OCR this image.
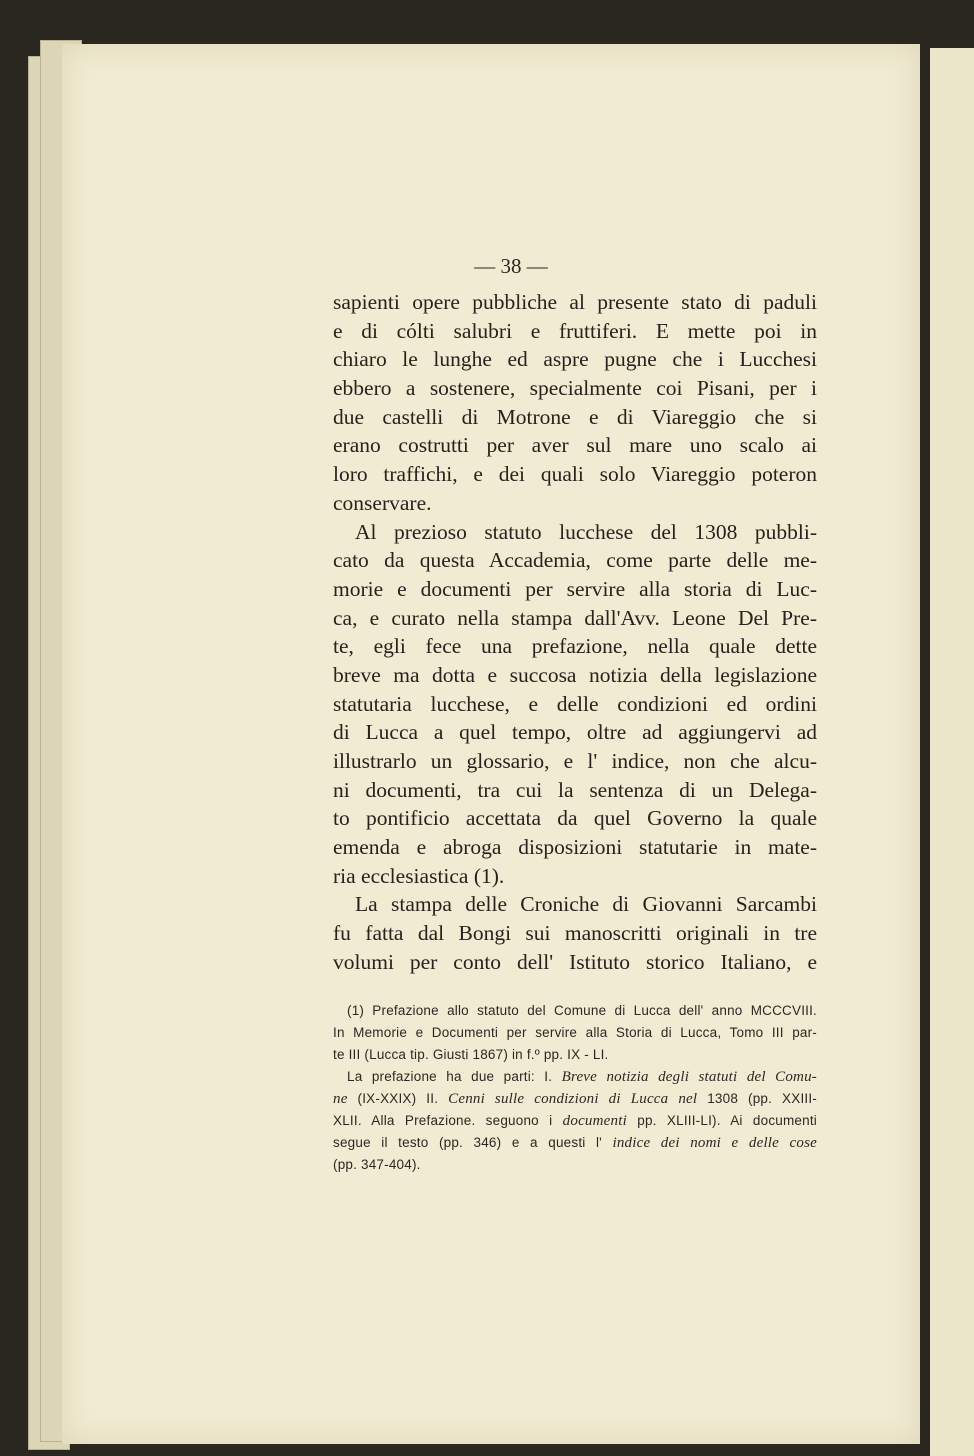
— 38 —
sapienti opere pubbliche al presente stato di paduli
e di cólti salubri e fruttiferi. E mette poi in
chiaro le lunghe ed aspre pugne che i Lucchesi
ebbero a sostenere, specialmente coi Pisani, per i
due castelli di Motrone e di Viareggio che si
erano costrutti per aver sul mare uno scalo ai
loro traffichi, e dei quali solo Viareggio poteron
conservare.
Al prezioso statuto lucchese del 1308 pubbli-
cato da questa Accademia, come parte delle me-
morie e documenti per servire alla storia di Luc-
ca, e curato nella stampa dall'Avv. Leone Del Pre-
te, egli fece una prefazione, nella quale dette
breve ma dotta e succosa notizia della legislazione
statutaria lucchese, e delle condizioni ed ordini
di Lucca a quel tempo, oltre ad aggiungervi ad
illustrarlo un glossario, e l' indice, non che alcu-
ni documenti, tra cui la sentenza di un Delega-
to pontificio accettata da quel Governo la quale
emenda e abroga disposizioni statutarie in mate-
ria ecclesiastica (1).
La stampa delle Croniche di Giovanni Sarcambi
fu fatta dal Bongi sui manoscritti originali in tre
volumi per conto dell' Istituto storico Italiano, e
(1) Prefazione allo statuto del Comune di Lucca dell' anno MCCCVIII.
In Memorie e Documenti per servire alla Storia di Lucca, Tomo III par-
te III (Lucca tip. Giusti 1867) in f.º pp. IX - LI.
La prefazione ha due parti: I. Breve notizia degli statuti del Comu-
ne (IX-XXIX) II. Cenni sulle condizioni di Lucca nel 1308 (pp. XXIII-
XLII. Alla Prefazione. seguono i documenti pp. XLIII-LI). Ai documenti
segue il testo (pp. 346) e a questi l' indice dei nomi e delle cose
(pp. 347-404).
